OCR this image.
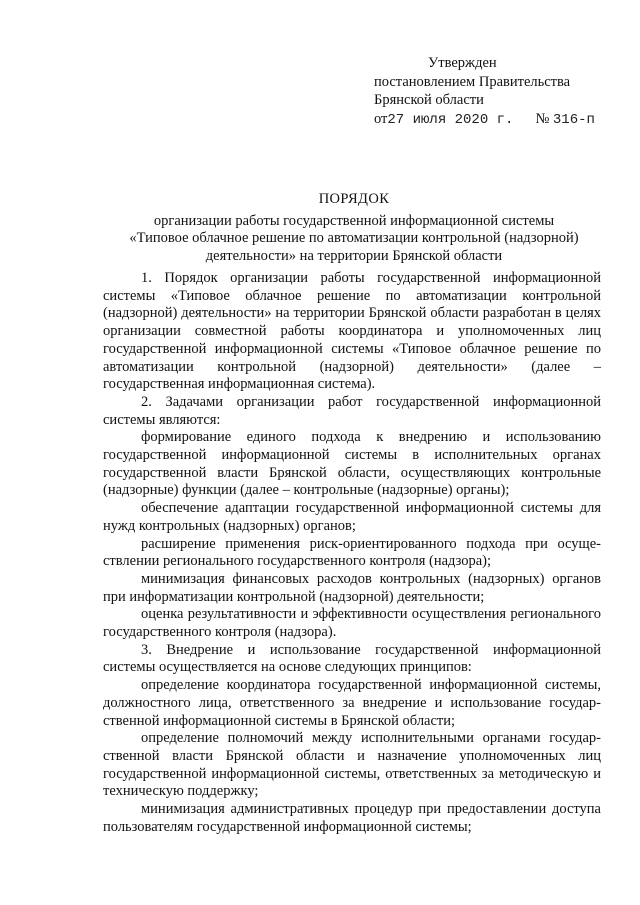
Утвержден
постановлением Правительства
Брянской области
от27 июля 2020 г. № 316-п
ПОРЯДОК
организации работы государственной информационной системы
«Типовое облачное решение по автоматизации контрольной (надзорной)
деятельности» на территории Брянской области

1. Порядок организации работы государственной информационной системы «Типовое облачное решение по автоматизации контрольной (надзорной) деятельности» на территории Брянской области разработан в целях организации совместной работы координатора и уполномоченных лиц государственной информационной системы «Типовое облачное решение по автоматизации контрольной (надзорной) деятельности» (далее – государственная информационная система).

2. Задачами организации работ государственной информационной системы являются:

формирование единого подхода к внедрению и использованию государственной информационной системы в исполнительных органах государственной власти Брянской области, осуществляющих контрольные (надзорные) функции (далее – контрольные (надзорные) органы);

обеспечение адаптации государственной информационной системы для нужд контрольных (надзорных) органов;

расширение применения риск-ориентированного подхода при осуществлении регионального государственного контроля (надзора);

минимизация финансовых расходов контрольных (надзорных) органов при информатизации контрольной (надзорной) деятельности;

оценка результативности и эффективности осуществления регионального государственного контроля (надзора).

3. Внедрение и использование государственной информационной системы осуществляется на основе следующих принципов:

определение координатора государственной информационной системы, должностного лица, ответственного за внедрение и использование государственной информационной системы в Брянской области;

определение полномочий между исполнительными органами государственной власти Брянской области и назначение уполномоченных лиц государственной информационной системы, ответственных за методическую и техническую поддержку;

минимизация административных процедур при предоставлении доступа пользователям государственной информационной системы;
